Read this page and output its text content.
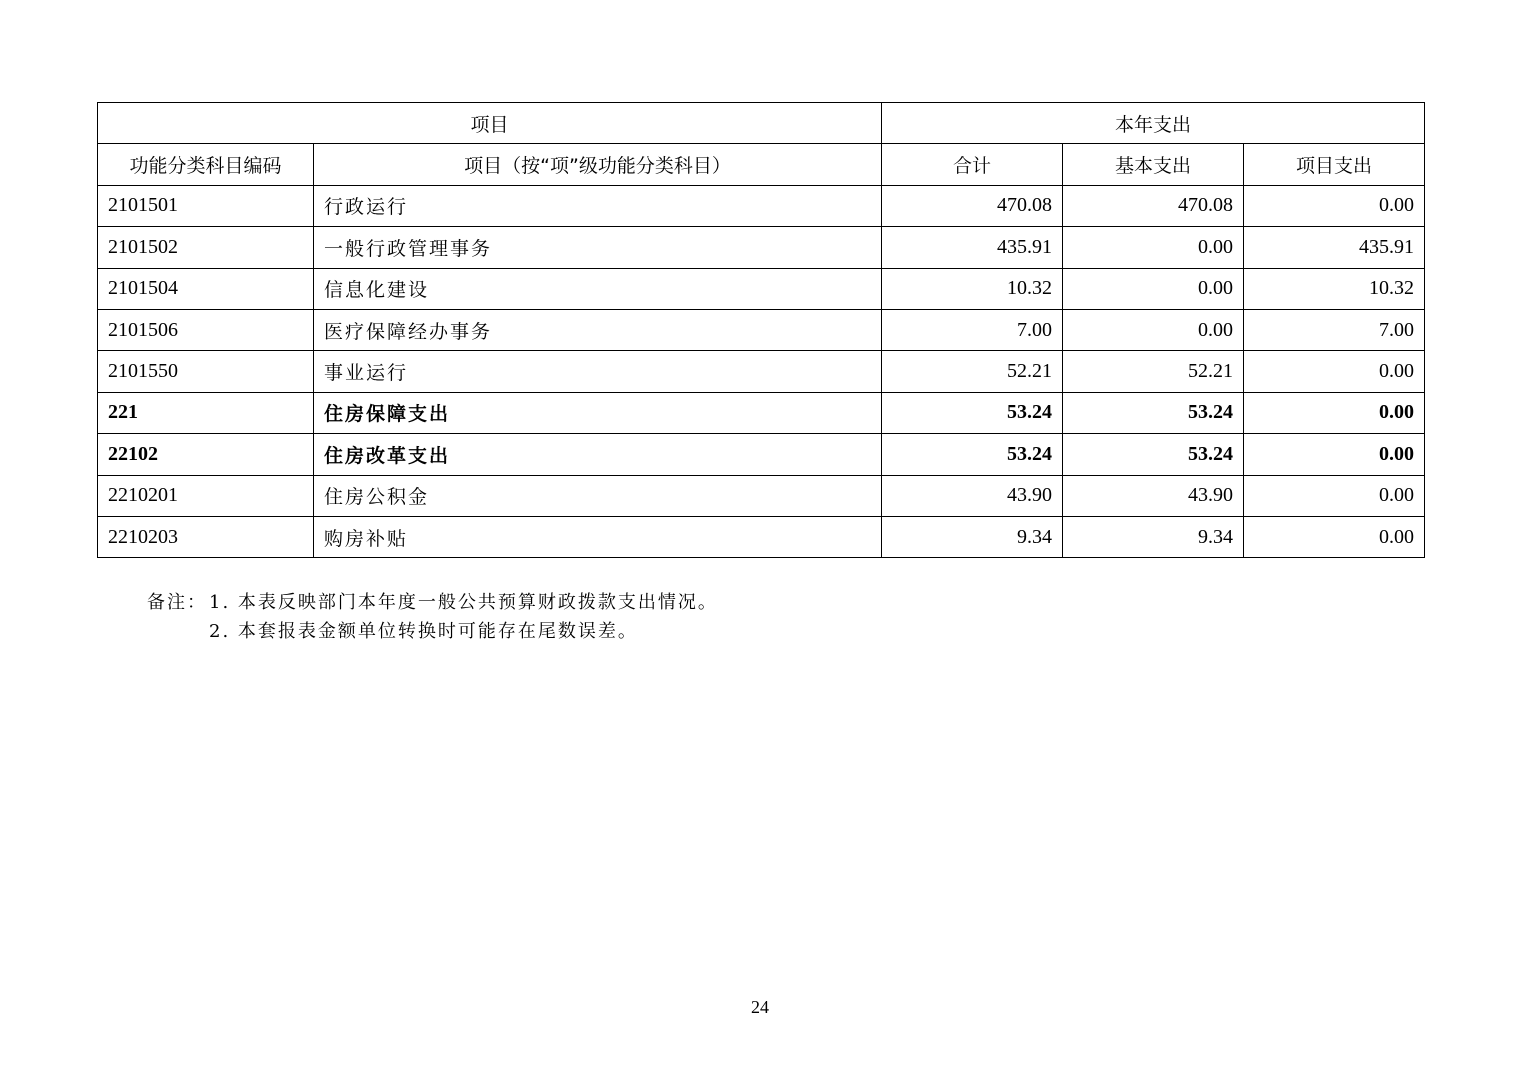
项目		本年支出		
功能分类科目编码	项目（按“项”级功能分类科目）	合计	基本支出	项目支出
2101501	行政运行	470.08	470.08	0.00
2101502	一般行政管理事务	435.91	0.00	435.91
2101504	信息化建设	10.32	0.00	10.32
2101506	医疗保障经办事务	7.00	0.00	7.00
2101550	事业运行	52.21	52.21	0.00
221	住房保障支出	53.24	53.24	0.00
22102	住房改革支出	53.24	53.24	0.00
2210201	住房公积金	43.90	43.90	0.00
2210203	购房补贴	9.34	9.34	0.00
备注： 1. 本表反映部门本年度一般公共预算财政拨款支出情况。
2. 本套报表金额单位转换时可能存在尾数误差。
24
